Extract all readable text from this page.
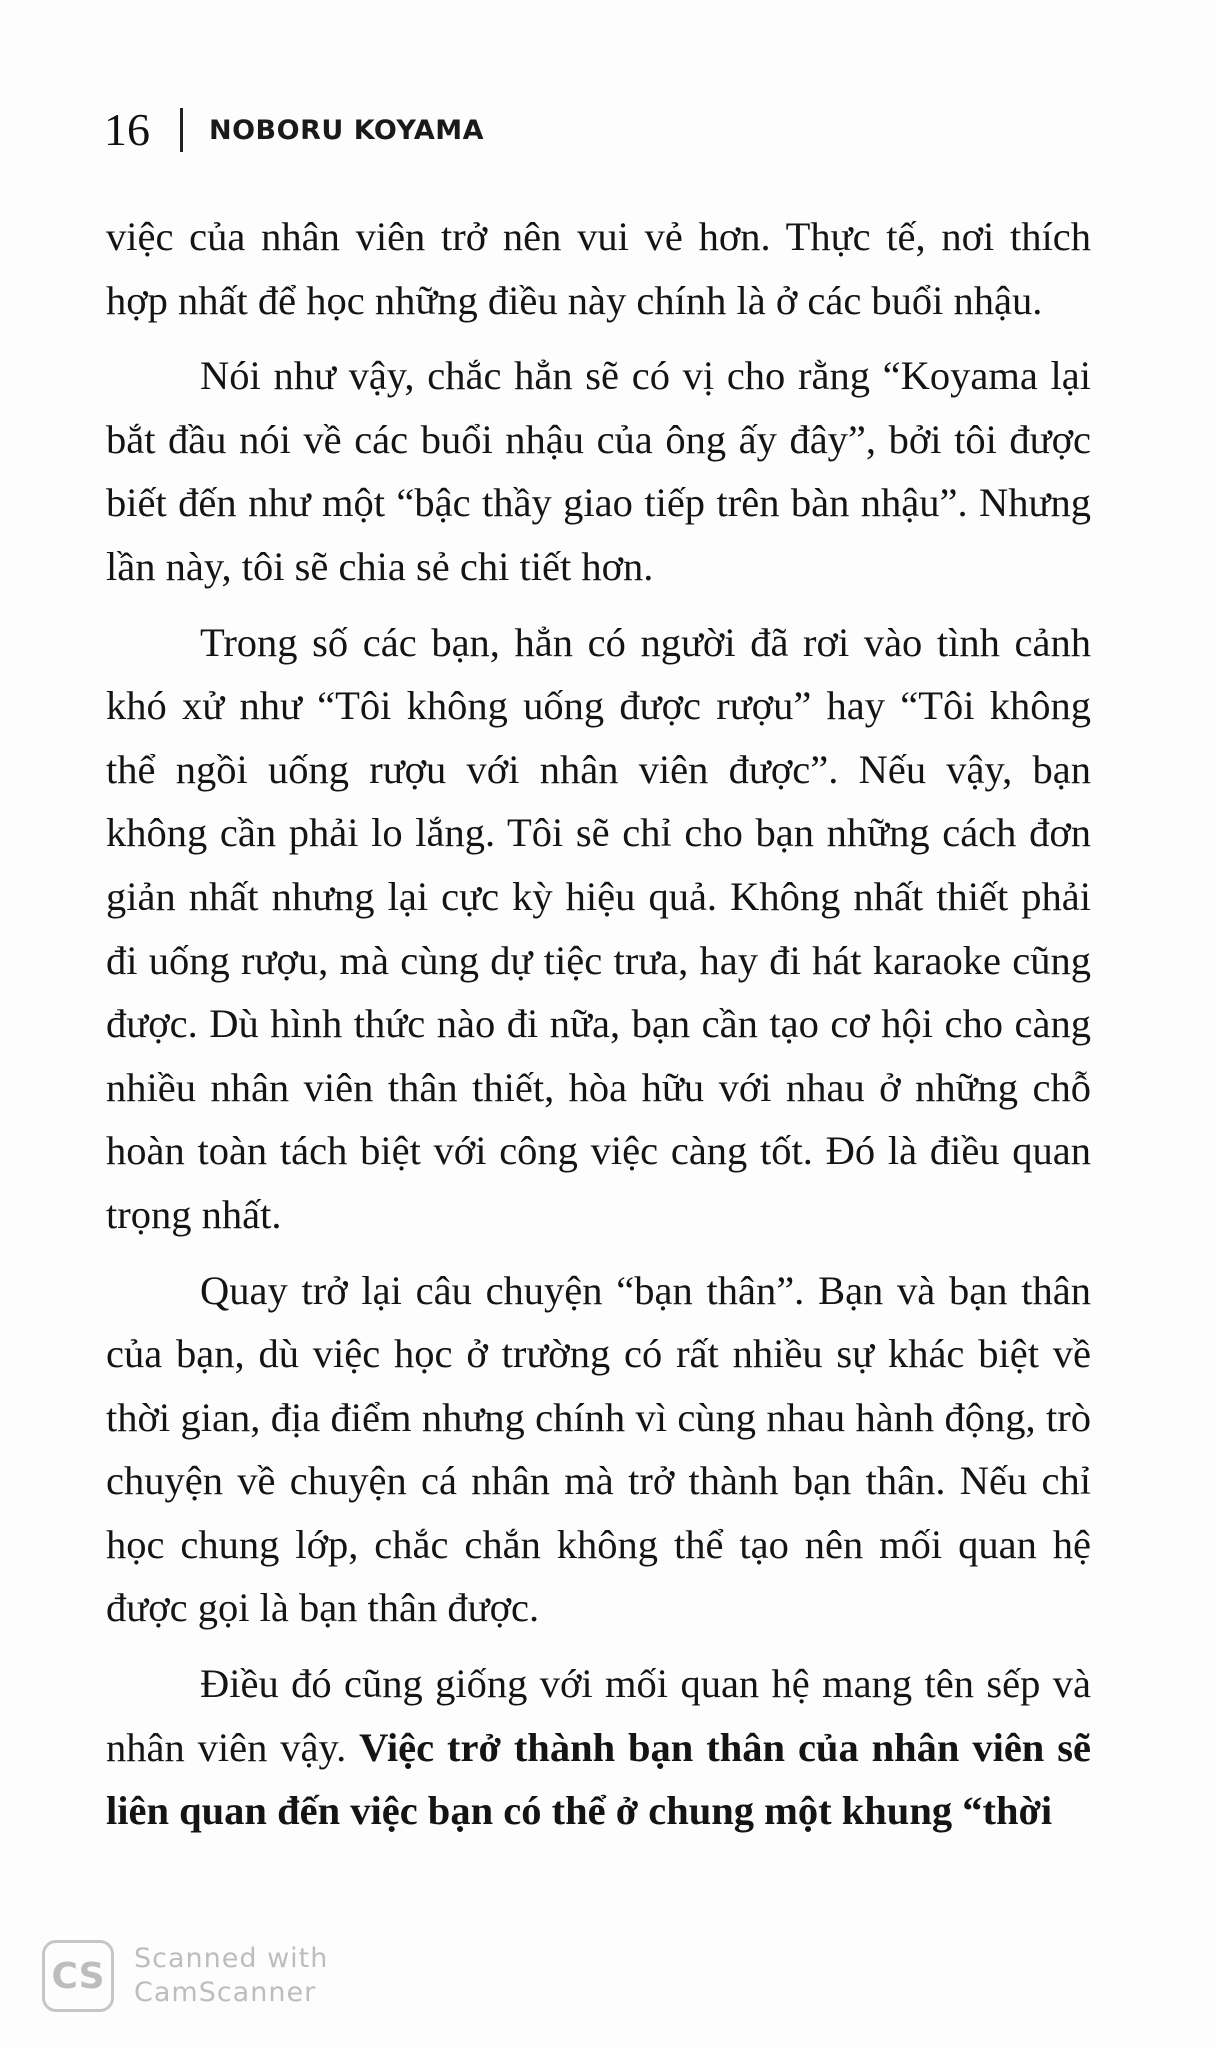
16 NOBORU KOYAMA

việc của nhân viên trở nên vui vẻ hơn. Thực tế, nơi thích hợp nhất để học những điều này chính là ở các buổi nhậu.

Nói như vậy, chắc hẳn sẽ có vị cho rằng “Koyama lại bắt đầu nói về các buổi nhậu của ông ấy đây”, bởi tôi được biết đến như một “bậc thầy giao tiếp trên bàn nhậu”. Nhưng lần này, tôi sẽ chia sẻ chi tiết hơn.

Trong số các bạn, hẳn có người đã rơi vào tình cảnh khó xử như “Tôi không uống được rượu” hay “Tôi không thể ngồi uống rượu với nhân viên được”. Nếu vậy, bạn không cần phải lo lắng. Tôi sẽ chỉ cho bạn những cách đơn giản nhất nhưng lại cực kỳ hiệu quả. Không nhất thiết phải đi uống rượu, mà cùng dự tiệc trưa, hay đi hát karaoke cũng được. Dù hình thức nào đi nữa, bạn cần tạo cơ hội cho càng nhiều nhân viên thân thiết, hòa hữu với nhau ở những chỗ hoàn toàn tách biệt với công việc càng tốt. Đó là điều quan trọng nhất.

Quay trở lại câu chuyện “bạn thân”. Bạn và bạn thân của bạn, dù việc học ở trường có rất nhiều sự khác biệt về thời gian, địa điểm nhưng chính vì cùng nhau hành động, trò chuyện về chuyện cá nhân mà trở thành bạn thân. Nếu chỉ học chung lớp, chắc chắn không thể tạo nên mối quan hệ được gọi là bạn thân được.

Điều đó cũng giống với mối quan hệ mang tên sếp và nhân viên vậy. Việc trở thành bạn thân của nhân viên sẽ liên quan đến việc bạn có thể ở chung một khung “thời

CS	Scanned with
CamScanner
